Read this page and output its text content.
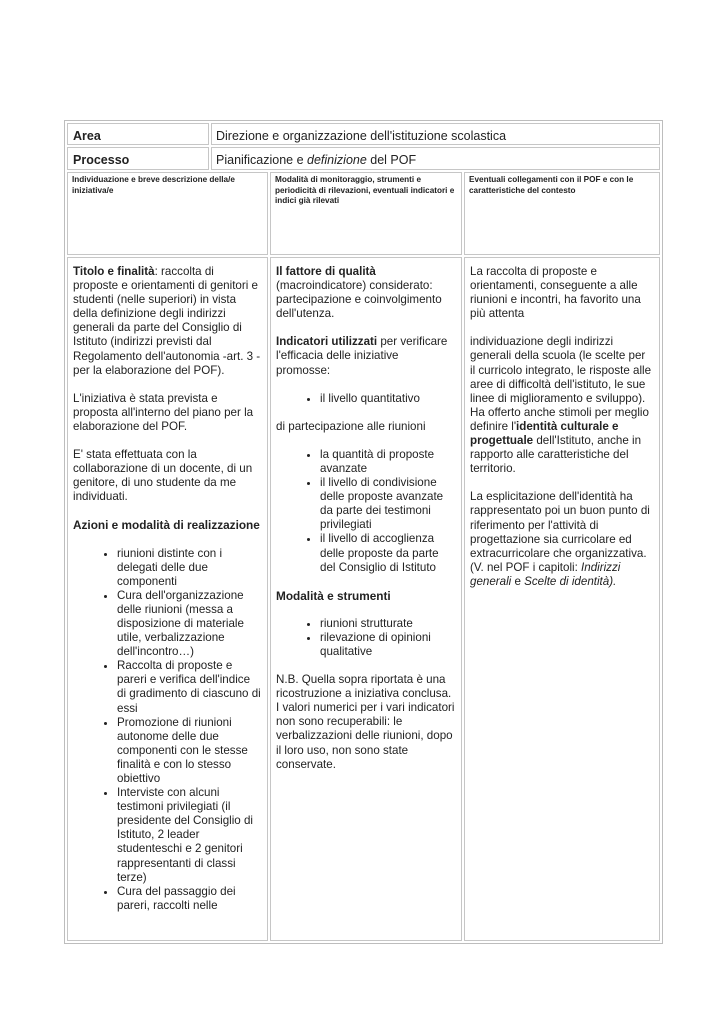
Area	Direzione e organizzazione dell'istituzione scolastica
Processo	Pianificazione e definizione del POF
Individuazione e breve descrizione della/e iniziativa/e
Modalità di monitoraggio, strumenti e periodicità di rilevazioni, eventuali indicatori e indici già rilevati
Eventuali collegamenti con il POF e con le caratteristiche del contesto

Titolo e finalità: raccolta di proposte e orientamenti di genitori e studenti (nelle superiori) in vista della definizione degli indirizzi generali da parte del Consiglio di Istituto (indirizzi previsti dal Regolamento dell'autonomia -art. 3 - per la elaborazione del POF).

L'iniziativa è stata prevista e proposta all'interno del piano per la elaborazione del POF.

E' stata effettuata con la collaborazione di un docente, di un genitore, di uno studente da me individuati.

Azioni e modalità di realizzazione
• riunioni distinte con i delegati delle due componenti
• Cura dell'organizzazione delle riunioni (messa a disposizione di materiale utile, verbalizzazione dell'incontro…)
• Raccolta di proposte e pareri e verifica dell'indice di gradimento di ciascuno di essi
• Promozione di riunioni autonome delle due componenti con le stesse finalità e con lo stesso obiettivo
• Interviste con alcuni testimoni privilegiati (il presidente del Consiglio di Istituto, 2 leader studenteschi e 2 genitori rappresentanti di classi terze)
• Cura del passaggio dei pareri, raccolti nelle

Il fattore di qualità (macroindicatore) considerato: partecipazione e coinvolgimento dell'utenza.

Indicatori utilizzati per verificare l'efficacia delle iniziative promosse:

• il livello quantitativo

di partecipazione alle riunioni

• la quantità di proposte avanzate
• il livello di condivisione delle proposte avanzate da parte dei testimoni privilegiati
• il livello di accoglienza delle proposte da parte del Consiglio di Istituto
Modalità e strumenti
• riunioni strutturate
• rilevazione di opinioni qualitative

N.B. Quella sopra riportata è una ricostruzione a iniziativa conclusa. I valori numerici per i vari indicatori non sono recuperabili: le verbalizzazioni delle riunioni, dopo il loro uso, non sono state conservate.

La raccolta di proposte e orientamenti, conseguente a alle riunioni e incontri, ha favorito una più attenta

individuazione degli indirizzi generali della scuola (le scelte per il curricolo integrato, le risposte alle aree di difficoltà dell'istituto, le sue linee di miglioramento e sviluppo). Ha offerto anche stimoli per meglio definire l'identità culturale e progettuale dell'Istituto, anche in rapporto alle caratteristiche del territorio.

La esplicitazione dell'identità ha rappresentato poi un buon punto di riferimento per l'attività di progettazione sia curricolare ed extracurricolare che organizzativa. (V. nel POF i capitoli: Indirizzi generali e Scelte di identità).
